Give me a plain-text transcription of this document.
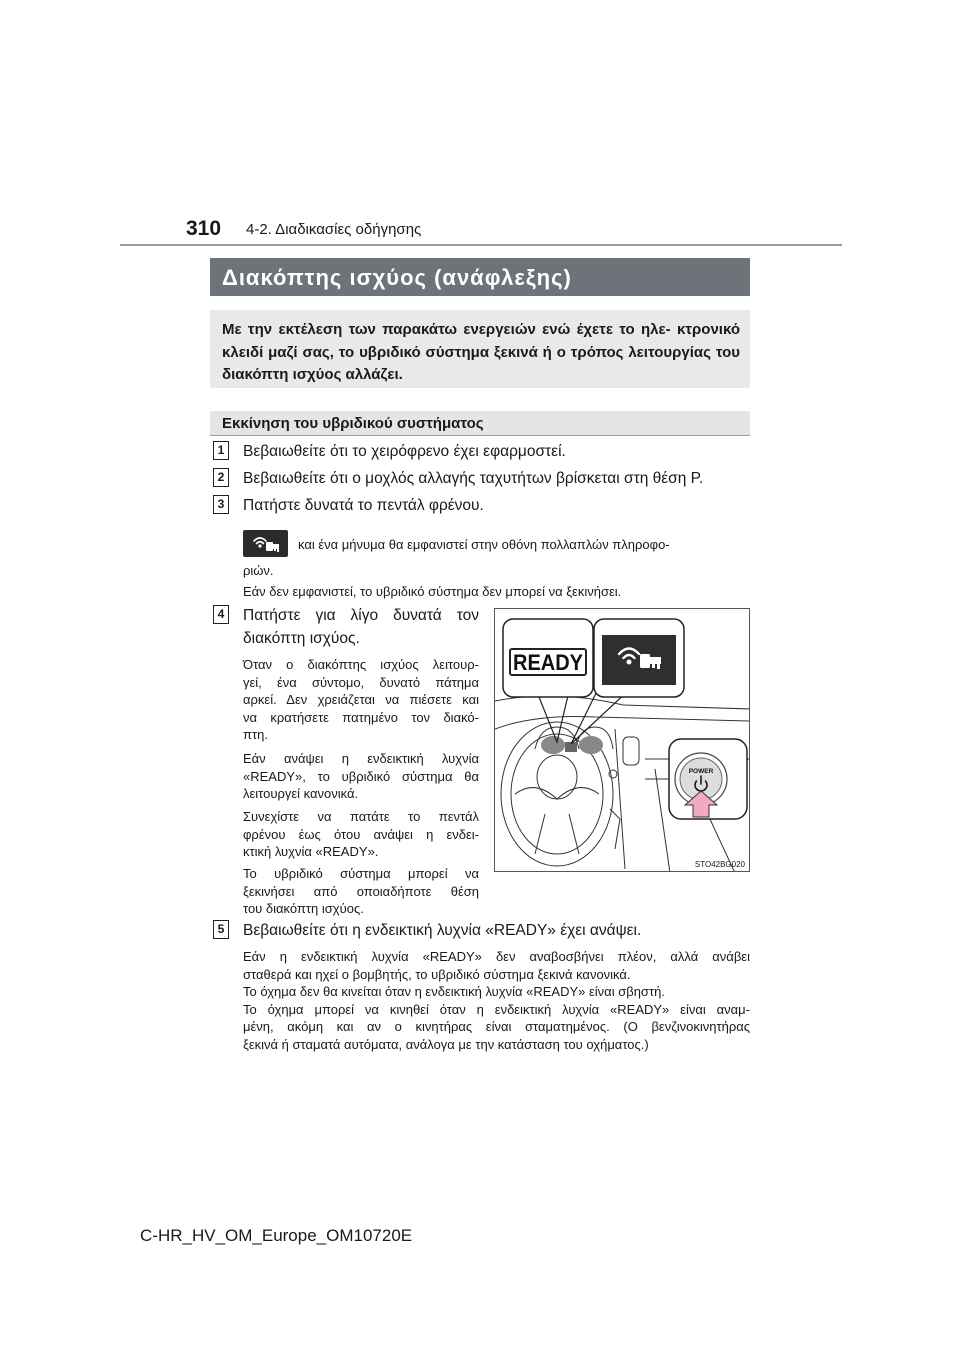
310 4-2. Διαδικασίες οδήγησης
Διακόπτης ισχύος (ανάφλεξης)
Με την εκτέλεση των παρακάτω ενεργειών ενώ έχετε το ηλε- κτρονικό κλειδί μαζί σας, το υβριδικό σύστημα ξεκινά ή ο τρόπος λειτουργίας του διακόπτη ισχύος αλλάζει.
Εκκίνηση του υβριδικού συστήματος
1	Βεβαιωθείτε ότι το χειρόφρενο έχει εφαρμοστεί.
2	Βεβαιωθείτε ότι ο μοχλός αλλαγής ταχυτήτων βρίσκεται στη θέση P.
3	Πατήστε δυνατά το πεντάλ φρένου.
και ένα μήνυμα θα εμφανιστεί στην οθόνη πολλαπλών πληροφο-
ριών.
Εάν δεν εμφανιστεί, το υβριδικό σύστημα δεν μπορεί να ξεκινήσει.
4	Πατήστε για λίγο δυνατά τον
διακόπτη ισχύος.
Όταν ο διακόπτης ισχύος λειτουρ-
γεί, ένα σύντομο, δυνατό πάτημα
αρκεί. Δεν χρειάζεται να πιέσετε και
να κρατήσετε πατημένο τον διακό-
πτη.
Εάν ανάψει η ενδεικτική λυχνία
«READY», το υβριδικό σύστημα θα
λειτουργεί κανονικά.
Συνεχίστε να πατάτε το πεντάλ
φρένου έως ότου ανάψει η ενδει-
κτική λυχνία «READY».
Το υβριδικό σύστημα μπορεί να
ξεκινήσει από οποιαδήποτε θέση
του διακόπτη ισχύος.
READY
POWER
STO42BG020
5	Βεβαιωθείτε ότι η ενδεικτική λυχνία «READY» έχει ανάψει.
Εάν η ενδεικτική λυχνία «READY» δεν αναβοσβήνει πλέον, αλλά ανάβει
σταθερά και ηχεί ο βομβητής, το υβριδικό σύστημα ξεκινά κανονικά.
Το όχημα δεν θα κινείται όταν η ενδεικτική λυχνία «READY» είναι σβηστή.
Το όχημα μπορεί να κινηθεί όταν η ενδεικτική λυχνία «READY» είναι αναμ-
μένη, ακόμη και αν ο κινητήρας είναι σταματημένος. (Ο βενζινοκινητήρας
ξεκινά ή σταματά αυτόματα, ανάλογα με την κατάσταση του οχήματος.)
C-HR_HV_OM_Europe_OM10720E
